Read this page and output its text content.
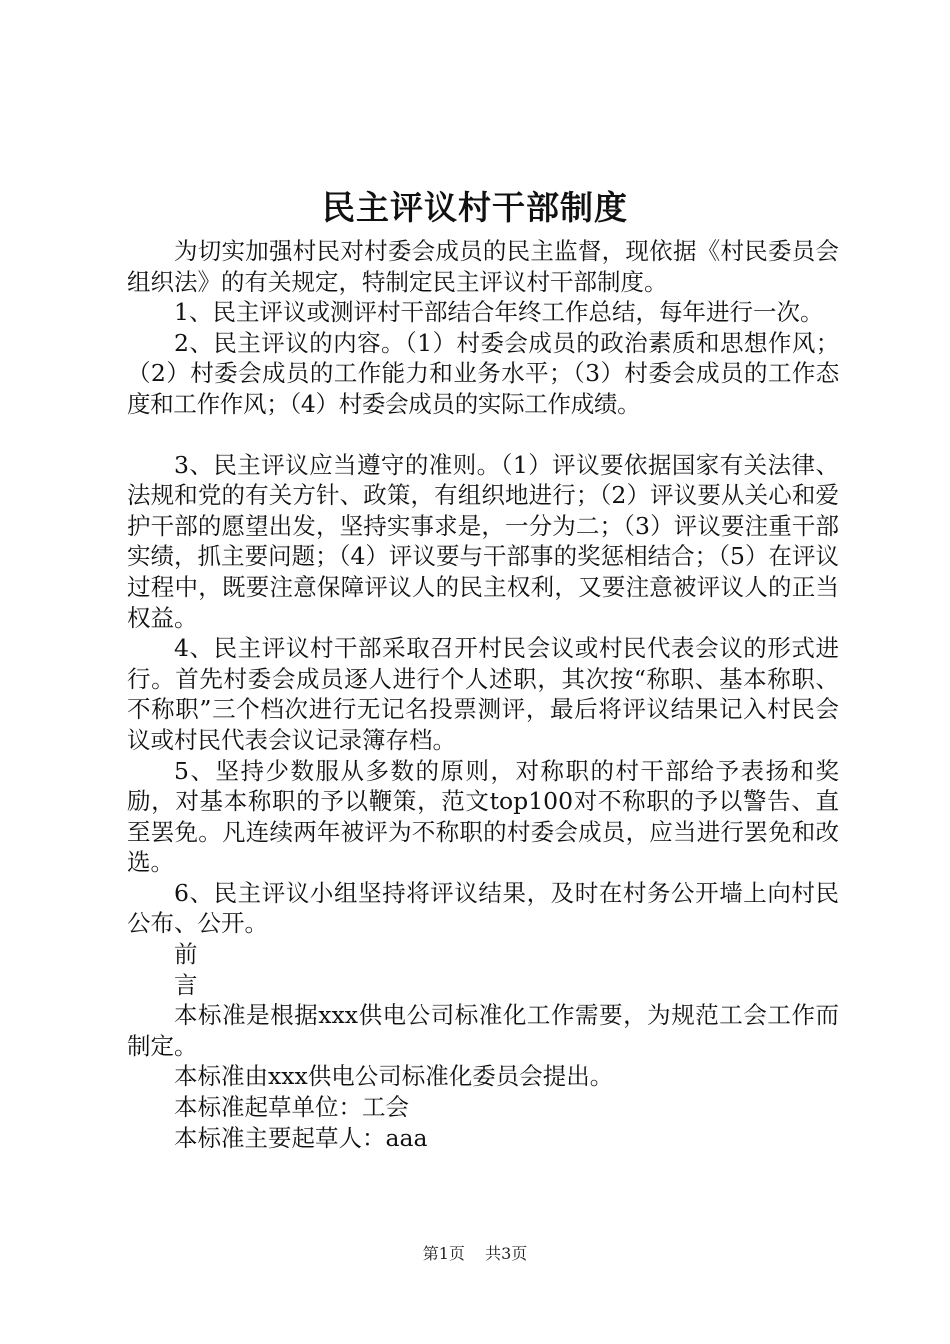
民主评议村干部制度

为切实加强村民对村委会成员的民主监督，现依据《村民委员会组织法》的有关规定，特制定民主评议村干部制度。

1、民主评议或测评村干部结合年终工作总结，每年进行一次。

2、民主评议的内容。（1）村委会成员的政治素质和思想作风；（2）村委会成员的工作能力和业务水平；（3）村委会成员的工作态度和工作作风；（4）村委会成员的实际工作成绩。

3、民主评议应当遵守的准则。（1）评议要依据国家有关法律、法规和党的有关方针、政策，有组织地进行；（2）评议要从关心和爱护干部的愿望出发，坚持实事求是，一分为二；（3）评议要注重干部实绩，抓主要问题；（4）评议要与干部事的奖惩相结合；（5）在评议过程中，既要注意保障评议人的民主权利，又要注意被评议人的正当权益。

4、民主评议村干部采取召开村民会议或村民代表会议的形式进行。首先村委会成员逐人进行个人述职，其次按“称职、基本称职、不称职”三个档次进行无记名投票测评，最后将评议结果记入村民会议或村民代表会议记录簿存档。

5、坚持少数服从多数的原则，对称职的村干部给予表扬和奖励，对基本称职的予以鞭策，范文top100对不称职的予以警告、直至罢免。凡连续两年被评为不称职的村委会成员，应当进行罢免和改选。

6、民主评议小组坚持将评议结果，及时在村务公开墙上向村民公布、公开。

前

言

本标准是根据xxx供电公司标准化工作需要，为规范工会工作而制定。

本标准由xxx供电公司标准化委员会提出。

本标准起草单位：工会

本标准主要起草人：aaa

第1页 共3页
